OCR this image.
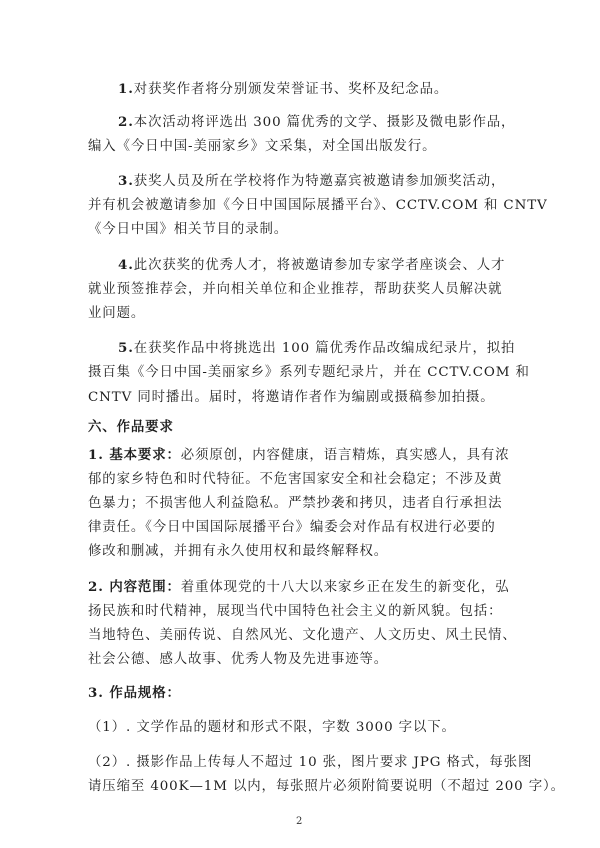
1.对获奖作者将分别颁发荣誉证书、奖杯及纪念品。
2.本次活动将评选出 300 篇优秀的文学、摄影及微电影作品，
编入《今日中国-美丽家乡》文采集，对全国出版发行。
3.获奖人员及所在学校将作为特邀嘉宾被邀请参加颁奖活动，
并有机会被邀请参加《今日中国国际展播平台》、CCTV.COM 和 CNTV
《今日中国》相关节目的录制。
4.此次获奖的优秀人才，将被邀请参加专家学者座谈会、人才
就业预签推荐会，并向相关单位和企业推荐，帮助获奖人员解决就
业问题。
5.在获奖作品中将挑选出 100 篇优秀作品改编成纪录片，拟拍
摄百集《今日中国-美丽家乡》系列专题纪录片，并在 CCTV.COM 和
CNTV 同时播出。届时，将邀请作者作为编剧或摄稿参加拍摄。
六、作品要求
1. 基本要求：必须原创，内容健康，语言精炼，真实感人，具有浓
郁的家乡特色和时代特征。不危害国家安全和社会稳定；不涉及黄
色暴力；不损害他人利益隐私。严禁抄袭和拷贝，违者自行承担法
律责任。《今日中国国际展播平台》编委会对作品有权进行必要的
修改和删减，并拥有永久使用权和最终解释权。
2. 内容范围：着重体现党的十八大以来家乡正在发生的新变化，弘
扬民族和时代精神，展现当代中国特色社会主义的新风貌。包括：
当地特色、美丽传说、自然风光、文化遗产、人文历史、风土民情、
社会公德、感人故事、优秀人物及先进事迹等。
3. 作品规格：
（1）. 文学作品的题材和形式不限，字数 3000 字以下。
（2）. 摄影作品上传每人不超过 10 张，图片要求 JPG 格式，每张图
请压缩至 400K—1M 以内，每张照片必须附简要说明（不超过 200 字）。
2
